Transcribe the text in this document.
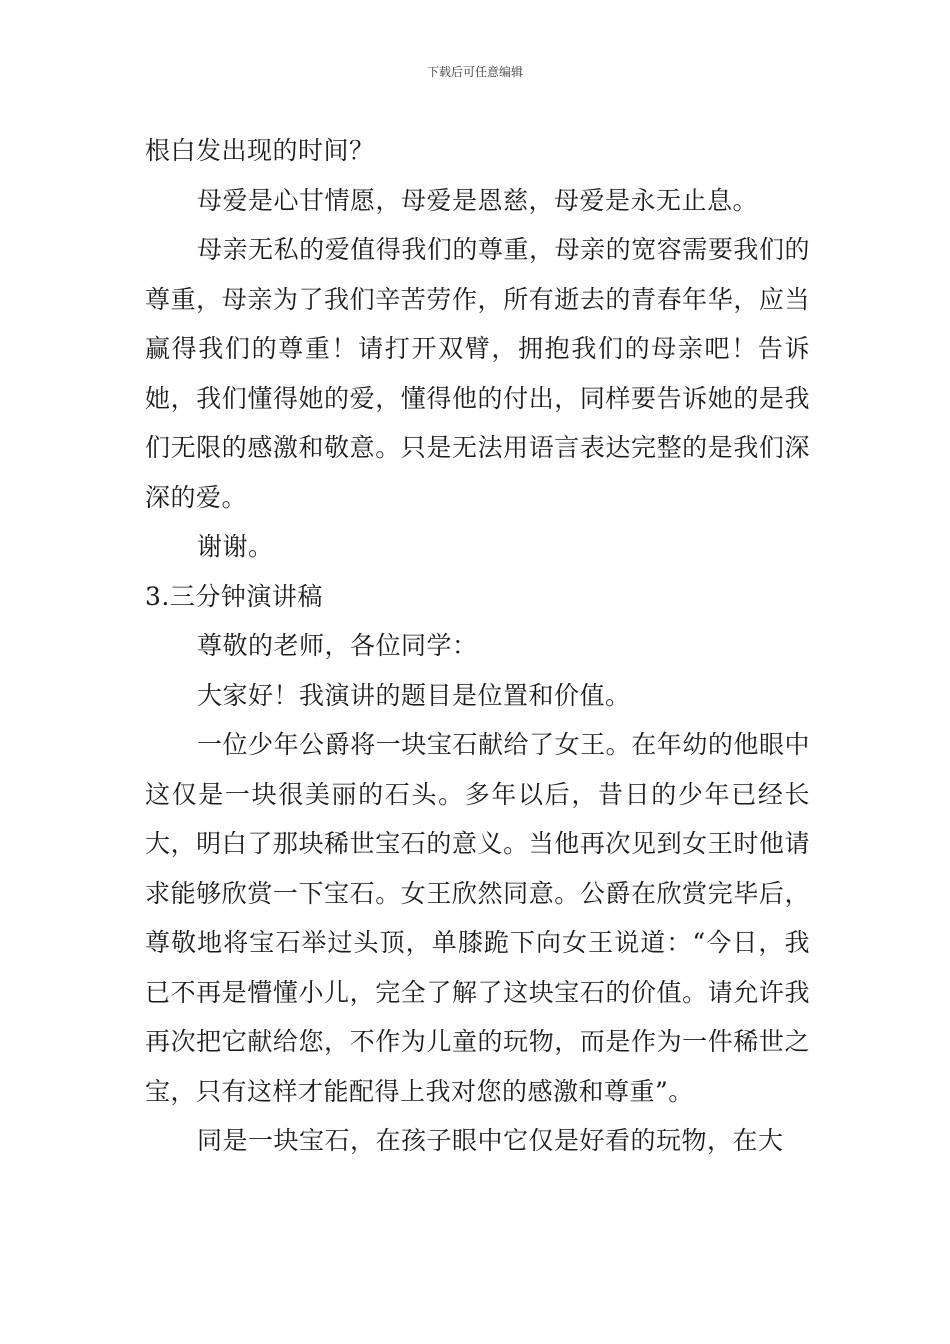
下载后可任意编辑

根白发出现的时间？

母爱是心甘情愿，母爱是恩慈，母爱是永无止息。

母亲无私的爱值得我们的尊重，母亲的宽容需要我们的尊重，母亲为了我们辛苦劳作，所有逝去的青春年华，应当赢得我们的尊重！请打开双臂，拥抱我们的母亲吧！告诉她，我们懂得她的爱，懂得他的付出，同样要告诉她的是我们无限的感激和敬意。只是无法用语言表达完整的是我们深深的爱。

谢谢。

3.三分钟演讲稿

尊敬的老师，各位同学：

大家好！我演讲的题目是位置和价值。

一位少年公爵将一块宝石献给了女王。在年幼的他眼中这仅是一块很美丽的石头。多年以后，昔日的少年已经长大，明白了那块稀世宝石的意义。当他再次见到女王时他请求能够欣赏一下宝石。女王欣然同意。公爵在欣赏完毕后，尊敬地将宝石举过头顶，单膝跪下向女王说道：“今日，我已不再是懵懂小儿，完全了解了这块宝石的价值。请允许我再次把它献给您，不作为儿童的玩物，而是作为一件稀世之宝，只有这样才能配得上我对您的感激和尊重”。

同是一块宝石，在孩子眼中它仅是好看的玩物，在大
